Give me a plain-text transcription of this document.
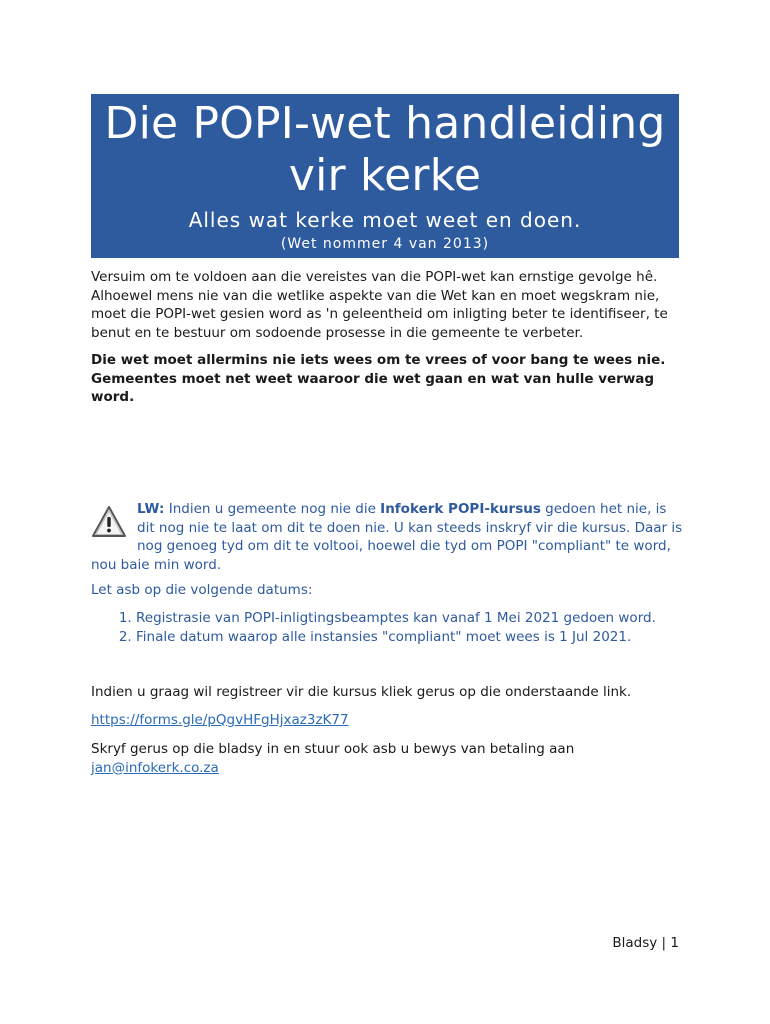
Die POPI-wet handleiding
vir kerke
Alles wat kerke moet weet en doen.
(Wet nommer 4 van 2013)

Versuim om te voldoen aan die vereistes van die POPI-wet kan ernstige gevolge hê. Alhoewel mens nie van die wetlike aspekte van die Wet kan en moet wegskram nie, moet die POPI-wet gesien word as 'n geleentheid om inligting beter te identifiseer, te benut en te bestuur om sodoende prosesse in die gemeente te verbeter.

Die wet moet allermins nie iets wees om te vrees of voor bang te wees nie. Gemeentes moet net weet waaroor die wet gaan en wat van hulle verwag word.

LW: Indien u gemeente nog nie die Infokerk POPI-kursus gedoen het nie, is dit nog nie te laat om dit te doen nie. U kan steeds inskryf vir die kursus. Daar is nog genoeg tyd om dit te voltooi, hoewel die tyd om POPI "compliant" te word, nou baie min word.

Let asb op die volgende datums:

1. Registrasie van POPI-inligtingsbeamptes kan vanaf 1 Mei 2021 gedoen word.
2. Finale datum waarop alle instansies "compliant" moet wees is 1 Jul 2021.

Indien u graag wil registreer vir die kursus kliek gerus op die onderstaande link.

https://forms.gle/pQgvHFgHjxaz3zK77

Skryf gerus op die bladsy in en stuur ook asb u bewys van betaling aan
jan@infokerk.co.za

Bladsy | 1
